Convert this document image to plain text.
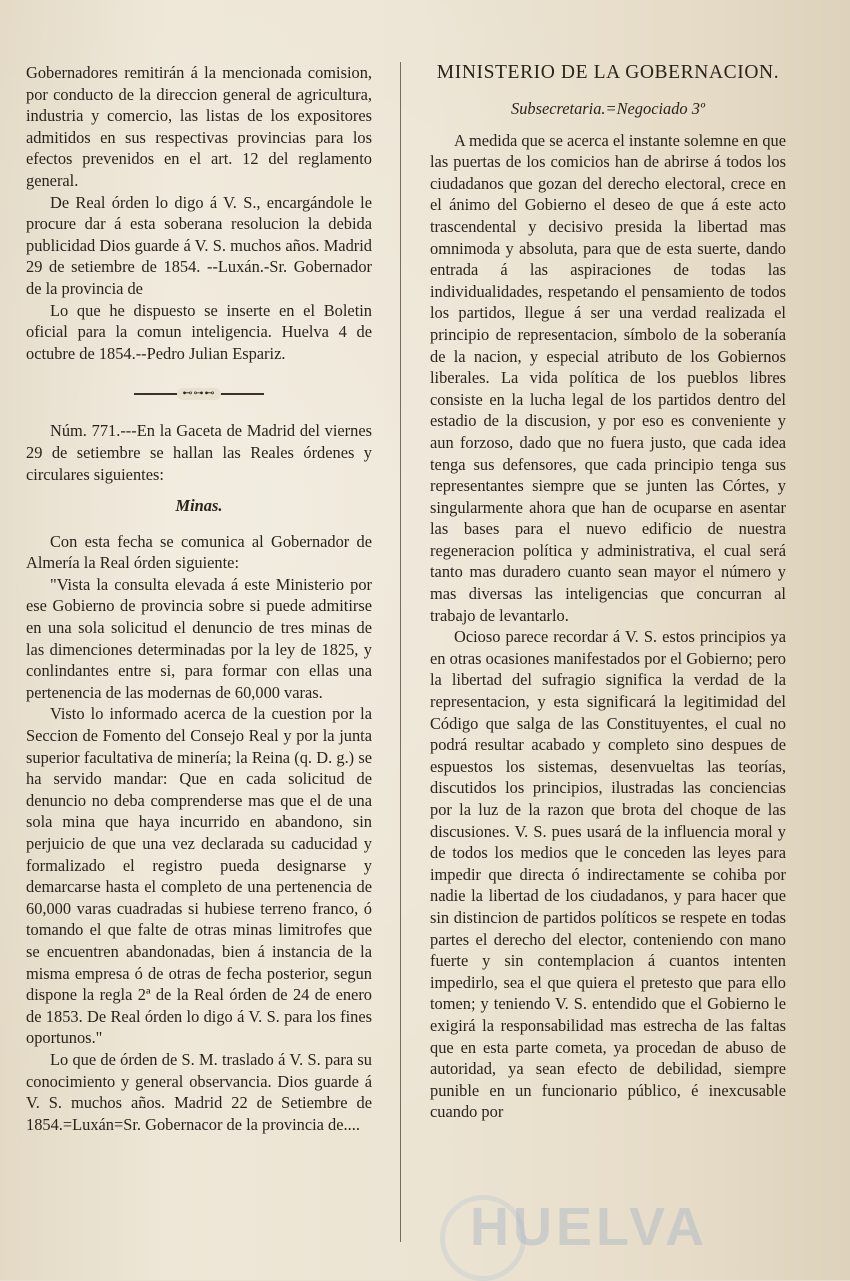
Gobernadores remitirán á la mencionada comision, por conducto de la direccion general de agricultura, industria y comercio, las listas de los expositores admitidos en sus respectivas provincias para los efectos prevenidos en el art. 12 del reglamento general.

De Real órden lo digo á V. S., encargándole le procure dar á esta soberana resolucion la debida publicidad Dios guarde á V. S. muchos años. Madrid 29 de setiembre de 1854. --Luxán.-Sr. Gobernador de la provincia de

Lo que he dispuesto se inserte en el Boletin oficial para la comun inteligencia. Huelva 4 de octubre de 1854.--Pedro Julian Espariz.

⊷⊶⊷

Núm. 771.---En la Gaceta de Madrid del viernes 29 de setiembre se hallan las Reales órdenes y circulares siguientes:

Minas.

Con esta fecha se comunica al Gobernador de Almería la Real órden siguiente:

"Vista la consulta elevada á este Ministerio por ese Gobierno de provincia sobre si puede admitirse en una sola solicitud el denuncio de tres minas de las dimenciones determinadas por la ley de 1825, y conlindantes entre si, para formar con ellas una pertenencia de las modernas de 60,000 varas.

Visto lo informado acerca de la cuestion por la Seccion de Fomento del Consejo Real y por la junta superior facultativa de minería; la Reina (q. D. g.) se ha servido mandar: Que en cada solicitud de denuncio no deba comprenderse mas que el de una sola mina que haya incurrido en abandono, sin perjuicio de que una vez declarada su caducidad y formalizado el registro pueda designarse y demarcarse hasta el completo de una pertenencia de 60,000 varas cuadradas si hubiese terreno franco, ó tomando el que falte de otras minas limitrofes que se encuentren abandonadas, bien á instancia de la misma empresa ó de otras de fecha posterior, segun dispone la regla 2ª de la Real órden de 24 de enero de 1853. De Real órden lo digo á V. S. para los fines oportunos."

Lo que de órden de S. M. traslado á V. S. para su conocimiento y general observancia. Dios guarde á V. S. muchos años. Madrid 22 de Setiembre de 1854.=Luxán=Sr. Gobernacor de la provincia de....

MINISTERIO DE LA GOBERNACION.
Subsecretaria.=Negociado 3º

A medida que se acerca el instante solemne en que las puertas de los comicios han de abrirse á todos los ciudadanos que gozan del derecho electoral, crece en el ánimo del Gobierno el deseo de que á este acto trascendental y decisivo presida la libertad mas omnimoda y absoluta, para que de esta suerte, dando entrada á las aspiraciones de todas las individualidades, respetando el pensamiento de todos los partidos, llegue á ser una verdad realizada el principio de representacion, símbolo de la soberanía de la nacion, y especial atributo de los Gobiernos liberales. La vida política de los pueblos libres consiste en la lucha legal de los partidos dentro del estadio de la discusion, y por eso es conveniente y aun forzoso, dado que no fuera justo, que cada idea tenga sus defensores, que cada principio tenga sus representantes siempre que se junten las Córtes, y singularmente ahora que han de ocuparse en asentar las bases para el nuevo edificio de nuestra regeneracion política y administrativa, el cual será tanto mas duradero cuanto sean mayor el número y mas diversas las inteligencias que concurran al trabajo de levantarlo.

Ocioso parece recordar á V. S. estos principios ya en otras ocasiones manifestados por el Gobierno; pero la libertad del sufragio significa la verdad de la representacion, y esta significará la legitimidad del Código que salga de las Constituyentes, el cual no podrá resultar acabado y completo sino despues de espuestos los sistemas, desenvueltas las teorías, discutidos los principios, ilustradas las conciencias por la luz de la razon que brota del choque de las discusiones. V. S. pues usará de la influencia moral y de todos los medios que le conceden las leyes para impedir que directa ó indirectamente se cohiba por nadie la libertad de los ciudadanos, y para hacer que sin distincion de partidos políticos se respete en todas partes el derecho del elector, conteniendo con mano fuerte y sin contemplacion á cuantos intenten impedirlo, sea el que quiera el pretesto que para ello tomen; y teniendo V. S. entendido que el Gobierno le exigirá la responsabilidad mas estrecha de las faltas que en esta parte cometa, ya procedan de abuso de autoridad, ya sean efecto de debilidad, siempre punible en un funcionario público, é inexcusable cuando por

HUELVA
